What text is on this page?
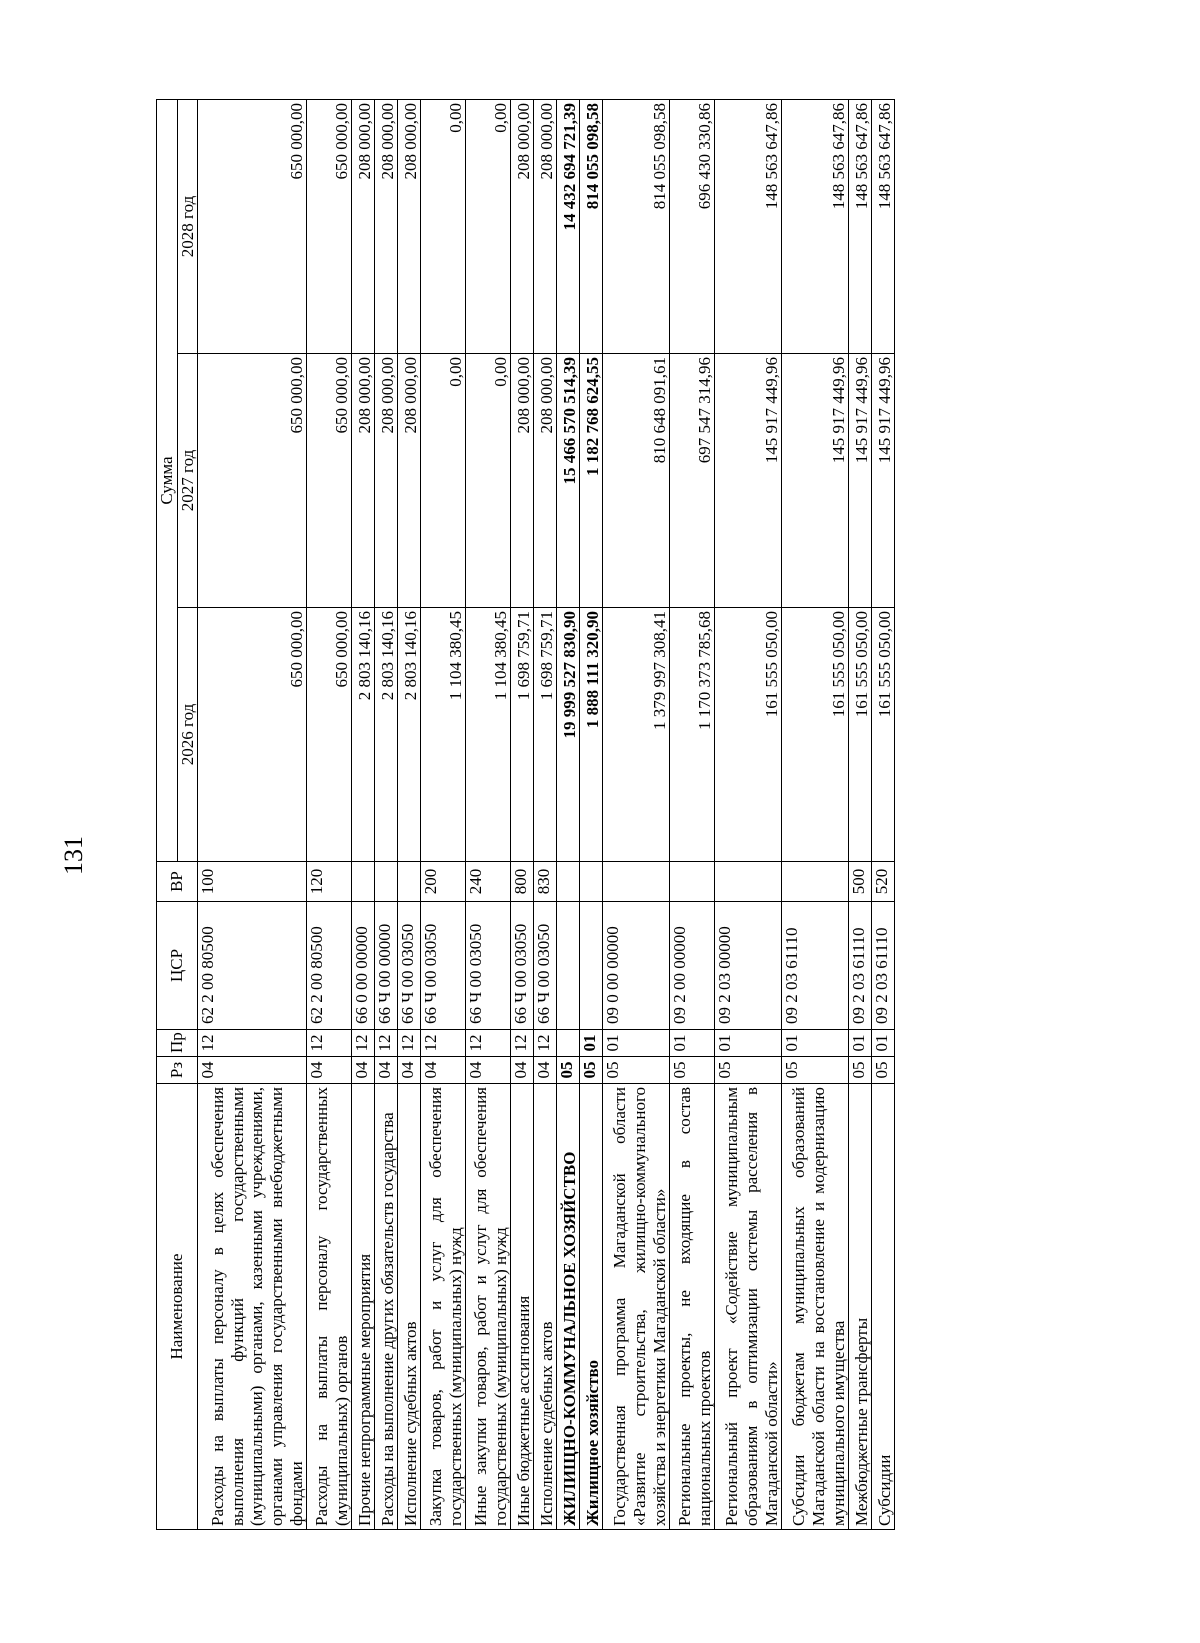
131
Наименование	Рз	Пр	ЦСР	ВР	Сумма		
					2026 год	2027 год	2028 год
Расходы на выплаты персоналу в целях обеспечения выполнения функций государственными (муниципальными) органами, казенными учреждениями, органами управления государственными внебюджетными фондами	04	12	62 2 00 80500	100	650 000,00	650 000,00	650 000,00
Расходы на выплаты персоналу государственных (муниципальных) органов	04	12	62 2 00 80500	120	650 000,00	650 000,00	650 000,00
Прочие непрограммные мероприятия	04	12	66 0 00 00000		2 803 140,16	208 000,00	208 000,00
Расходы на выполнение других обязательств государства	04	12	66 Ч 00 00000		2 803 140,16	208 000,00	208 000,00
Исполнение судебных актов	04	12	66 Ч 00 03050		2 803 140,16	208 000,00	208 000,00
Закупка товаров, работ и услуг для обеспечения государственных (муниципальных) нужд	04	12	66 Ч 00 03050	200	1 104 380,45	0,00	0,00
Иные закупки товаров, работ и услуг для обеспечения государственных (муниципальных) нужд	04	12	66 Ч 00 03050	240	1 104 380,45	0,00	0,00
Иные бюджетные ассигнования	04	12	66 Ч 00 03050	800	1 698 759,71	208 000,00	208 000,00
Исполнение судебных актов	04	12	66 Ч 00 03050	830	1 698 759,71	208 000,00	208 000,00
ЖИЛИЩНО-КОММУНАЛЬНОЕ ХОЗЯЙСТВО	05				19 999 527 830,90	15 466 570 514,39	14 432 694 721,39
Жилищное хозяйство	05	01			1 888 111 320,90	1 182 768 624,55	814 055 098,58
Государственная программа Магаданской области «Развитие строительства, жилищно-коммунального хозяйства и энергетики Магаданской области»	05	01	09 0 00 00000		1 379 997 308,41	810 648 091,61	814 055 098,58
Региональные проекты, не входящие в состав национальных проектов	05	01	09 2 00 00000		1 170 373 785,68	697 547 314,96	696 430 330,86
Региональный проект «Содействие муниципальным образованиям в оптимизации системы расселения в Магаданской области»	05	01	09 2 03 00000		161 555 050,00	145 917 449,96	148 563 647,86
Субсидии бюджетам муниципальных образований Магаданской области на восстановление и модернизацию муниципального имущества	05	01	09 2 03 61110		161 555 050,00	145 917 449,96	148 563 647,86
Межбюджетные трансферты	05	01	09 2 03 61110	500	161 555 050,00	145 917 449,96	148 563 647,86
Субсидии	05	01	09 2 03 61110	520	161 555 050,00	145 917 449,96	148 563 647,86
